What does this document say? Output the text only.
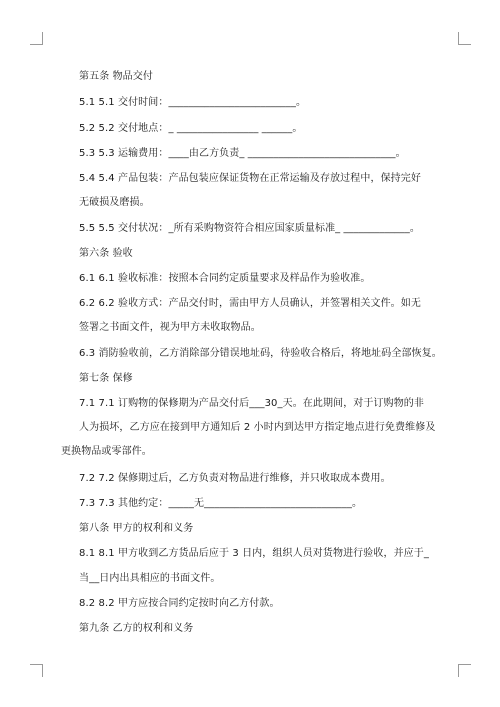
第五条 物品交付
5.1 5.1 交付时间：_________________________。
5.2 5.2 交付地点：_ ________________ ______。
5.3 5.3 运输费用：____由乙方负责_ _____________________________。
5.4 5.4 产品包装：产品包装应保证货物在正常运输及存放过程中，保持完好
无破损及磨损。
5.5 5.5 交付状况：_所有采购物资符合相应国家质量标准_ _____________。
第六条 验收
6.1 6.1 验收标准：按照本合同约定质量要求及样品作为验收准。
6.2 6.2 验收方式：产品交付时，需由甲方人员确认，并签署相关文件。如无
签署之书面文件，视为甲方未收取物品。
6.3 消防验收前，乙方消除部分错误地址码，待验收合格后，将地址码全部恢复。
第七条 保修
7.1 7.1 订购物的保修期为产品交付后___30_天。在此期间，对于订购物的非
人为损坏，乙方应在接到甲方通知后 2 小时内到达甲方指定地点进行免费维修及
更换物品或零部件。
7.2 7.2 保修期过后，乙方负责对物品进行维修，并只收取成本费用。
7.3 7.3 其他约定：_____无_____________________________。
第八条 甲方的权利和义务
8.1 8.1 甲方收到乙方货品后应于 3 日内，组织人员对货物进行验收，并应于_
当__日内出具相应的书面文件。
8.2 8.2 甲方应按合同约定按时向乙方付款。
第九条 乙方的权利和义务
